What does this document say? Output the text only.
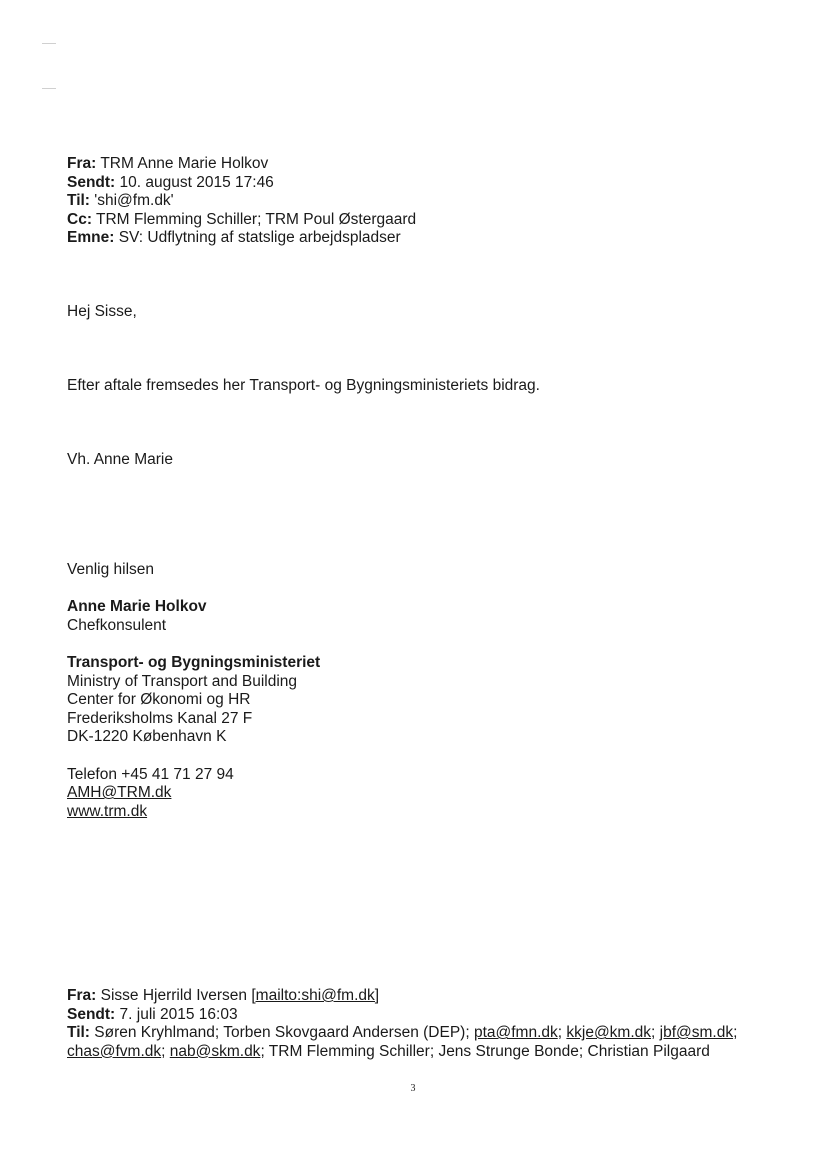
Fra: TRM Anne Marie Holkov
Sendt: 10. august 2015 17:46
Til: 'shi@fm.dk'
Cc: TRM Flemming Schiller; TRM Poul Østergaard
Emne: SV: Udflytning af statslige arbejdspladser
Hej Sisse,
Efter aftale fremsedes her Transport- og Bygningsministeriets bidrag.
Vh. Anne Marie
Venlig hilsen
Anne Marie Holkov
Chefkonsulent
Transport- og Bygningsministeriet
Ministry of Transport and Building
Center for Økonomi og HR
Frederiksholms Kanal 27 F
DK-1220 København K
Telefon +45 41 71 27 94
AMH@TRM.dk
www.trm.dk
Fra: Sisse Hjerrild Iversen [mailto:shi@fm.dk]
Sendt: 7. juli 2015 16:03
Til: Søren Kryhlmand; Torben Skovgaard Andersen (DEP); pta@fmn.dk; kkje@km.dk; jbf@sm.dk;
chas@fvm.dk; nab@skm.dk; TRM Flemming Schiller; Jens Strunge Bonde; Christian Pilgaard
3
